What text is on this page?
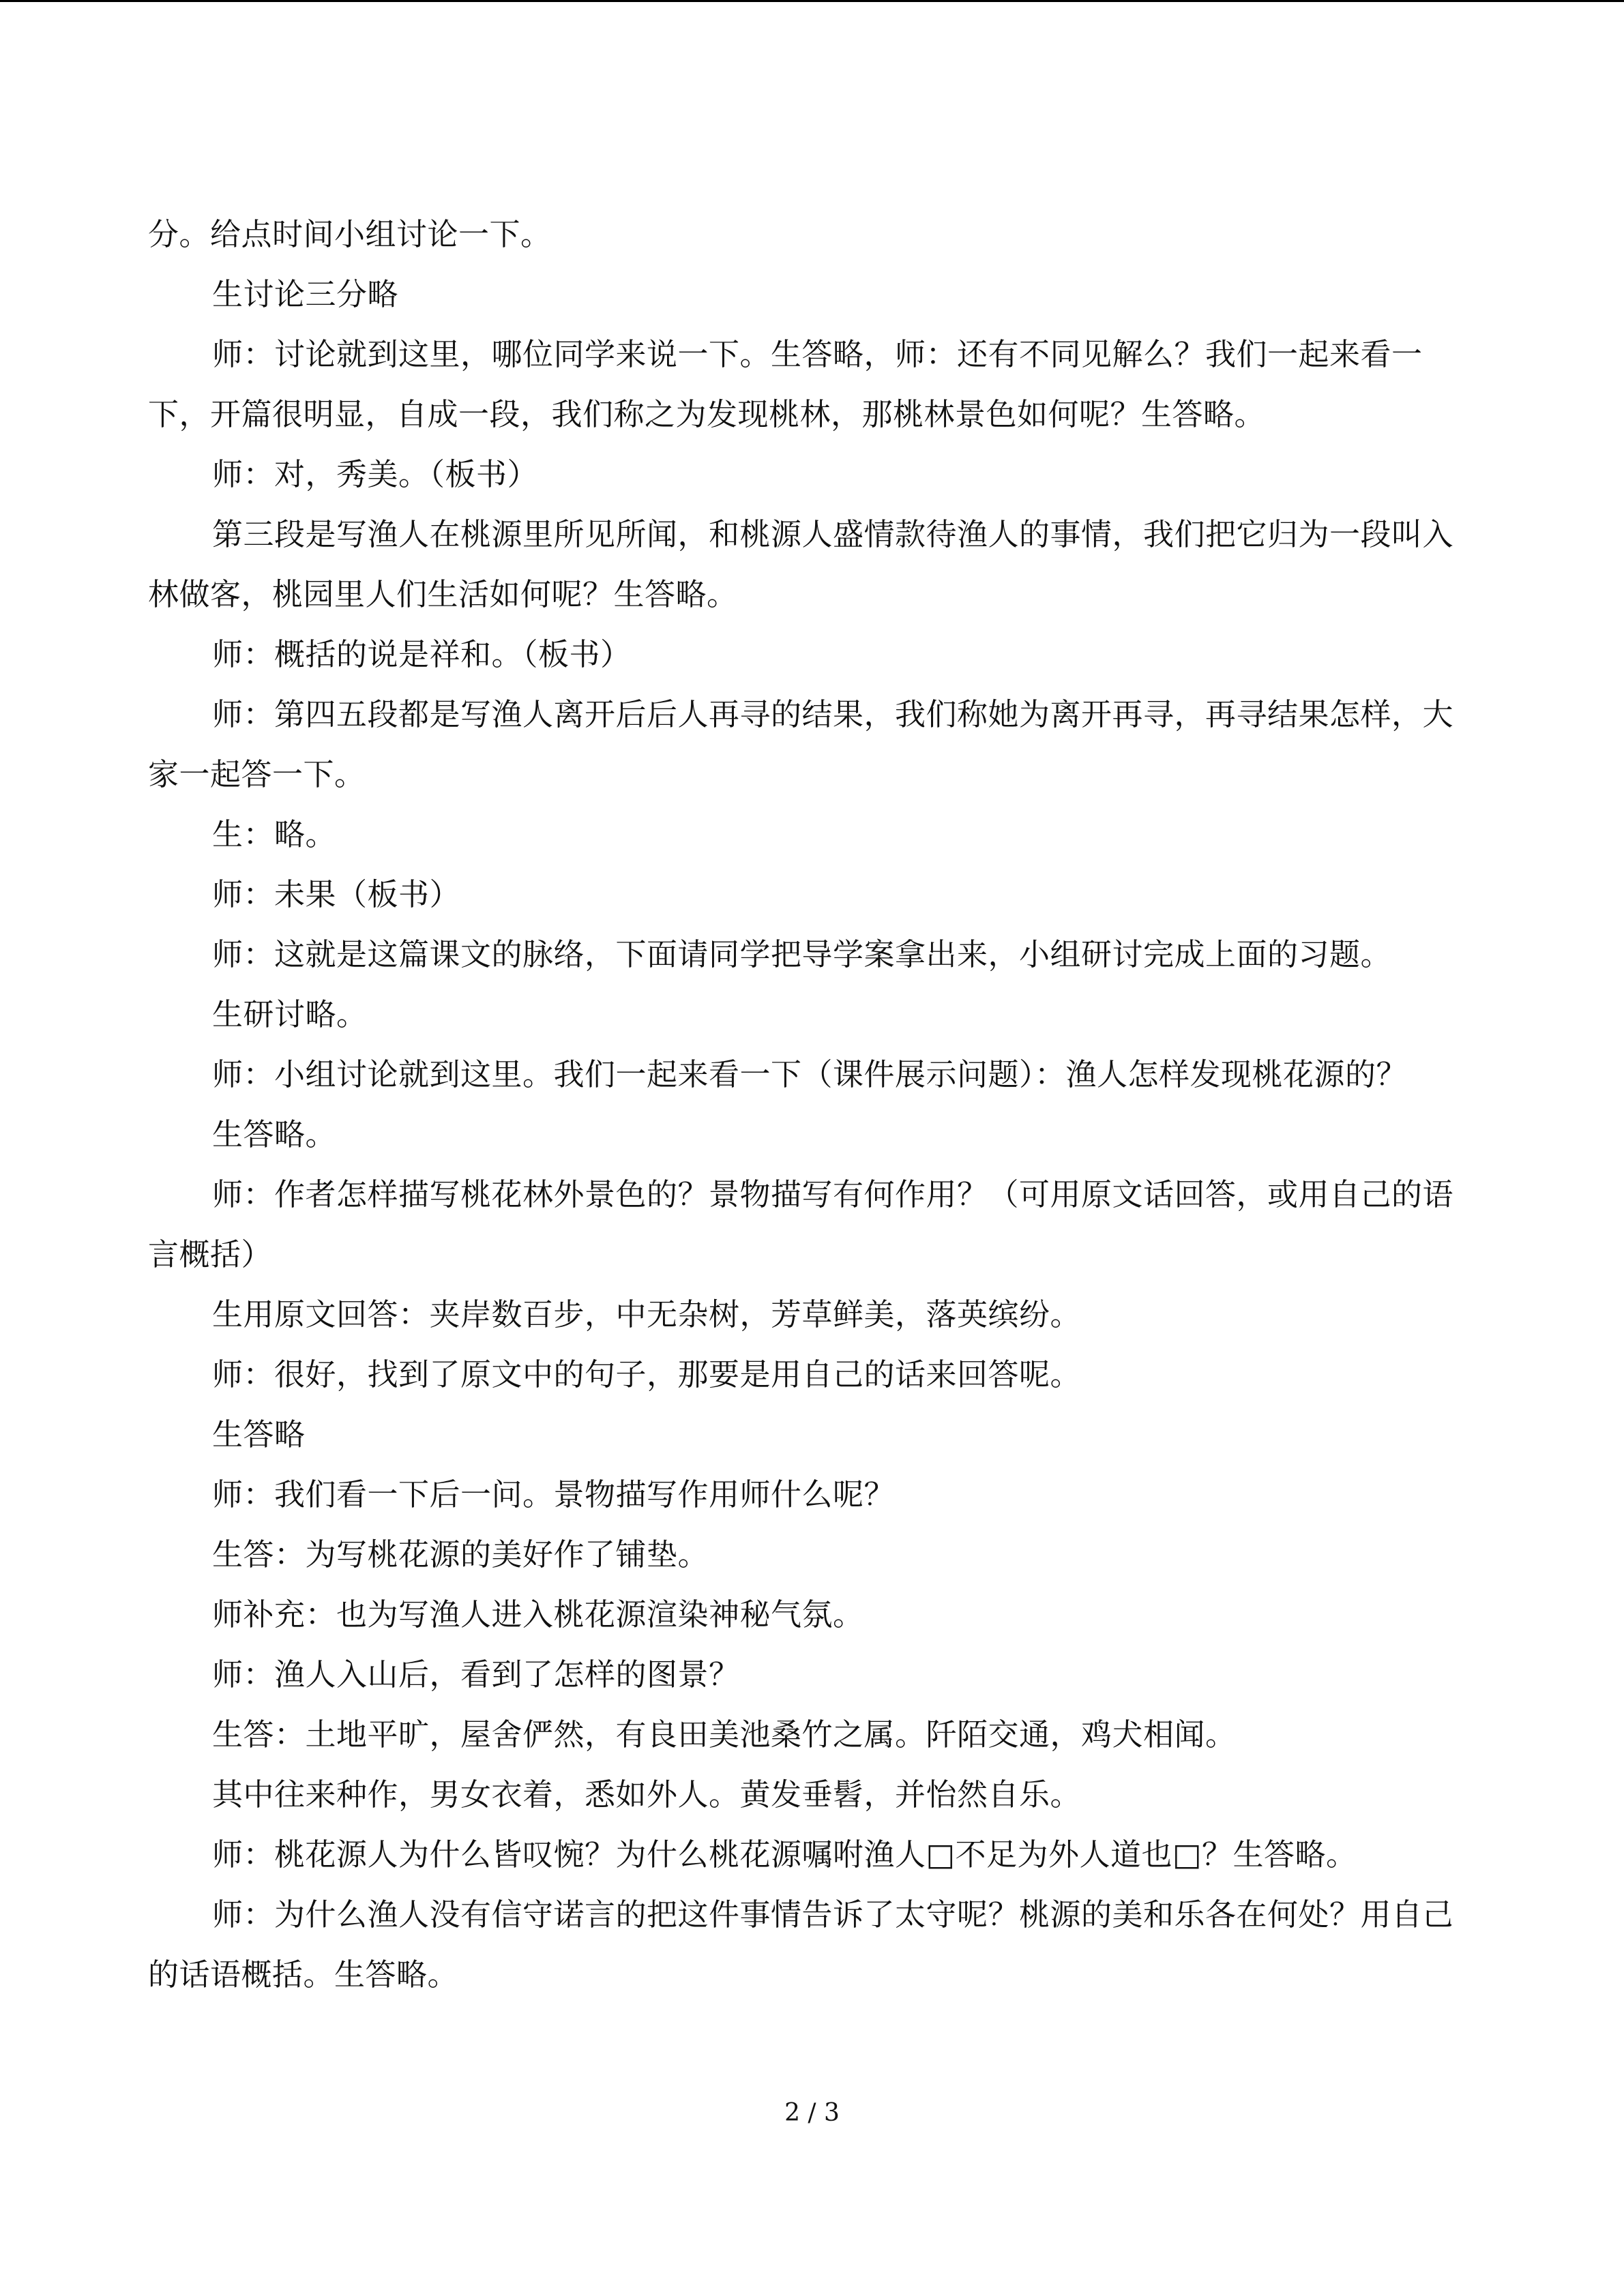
分。给点时间小组讨论一下。

生讨论三分略

师：讨论就到这里，哪位同学来说一下。生答略，师：还有不同见解么？我们一起来看一下，开篇很明显，自成一段，我们称之为发现桃林，那桃林景色如何呢？生答略。

师：对，秀美。（板书）

第三段是写渔人在桃源里所见所闻，和桃源人盛情款待渔人的事情，我们把它归为一段叫入林做客，桃园里人们生活如何呢？生答略。

师：概括的说是祥和。（板书）

师：第四五段都是写渔人离开后后人再寻的结果，我们称她为离开再寻，再寻结果怎样，大家一起答一下。

生：略。

师：未果（板书）

师：这就是这篇课文的脉络，下面请同学把导学案拿出来，小组研讨完成上面的习题。

生研讨略。

师：小组讨论就到这里。我们一起来看一下（课件展示问题）：渔人怎样发现桃花源的？

生答略。

师：作者怎样描写桃花林外景色的？景物描写有何作用？（可用原文话回答，或用自己的语言概括）

生用原文回答：夹岸数百步，中无杂树，芳草鲜美，落英缤纷。

师：很好，找到了原文中的句子，那要是用自己的话来回答呢。

生答略

师：我们看一下后一问。景物描写作用师什么呢？

生答：为写桃花源的美好作了铺垫。

师补充：也为写渔人进入桃花源渲染神秘气氛。

师：渔人入山后，看到了怎样的图景？

生答：土地平旷，屋舍俨然，有良田美池桑竹之属。阡陌交通，鸡犬相闻。

其中往来种作，男女衣着，悉如外人。黄发垂髫，并怡然自乐。

师：桃花源人为什么皆叹惋？为什么桃花源嘱咐渔人□不足为外人道也□？生答略。

师：为什么渔人没有信守诺言的把这件事情告诉了太守呢？桃源的美和乐各在何处？用自己的话语概括。生答略。

2 / 3
